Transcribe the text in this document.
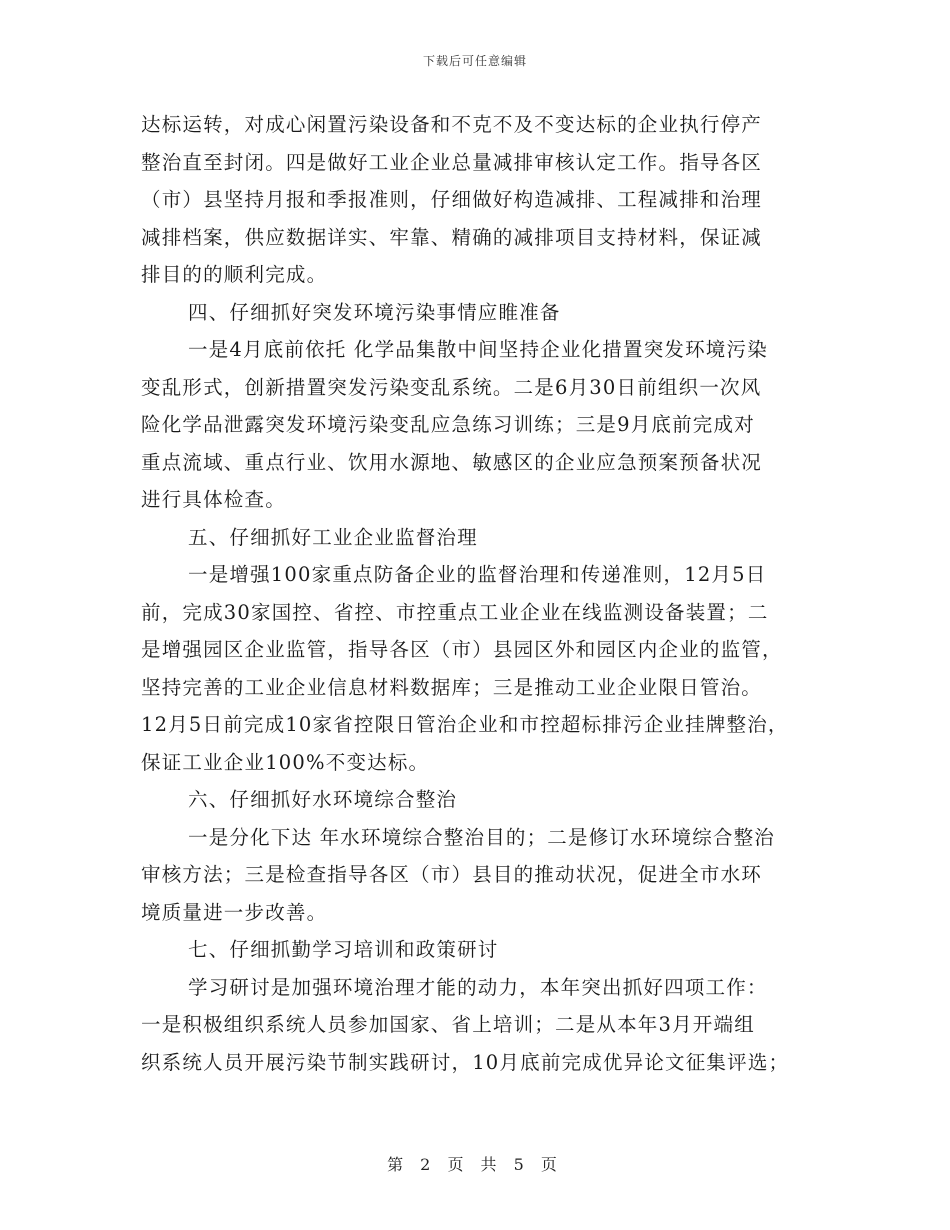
下载后可任意编辑
达标运转，对成心闲置污染设备和不克不及不变达标的企业执行停产
整治直至封闭。四是做好工业企业总量减排审核认定工作。指导各区
（市）县坚持月报和季报准则，仔细做好构造减排、工程减排和治理
减排档案，供应数据详实、牢靠、精确的减排项目支持材料，保证减
排目的的顺利完成。
四、仔细抓好突发环境污染事情应睢准备
一是4月底前依托 化学品集散中间坚持企业化措置突发环境污染
变乱形式，创新措置突发污染变乱系统。二是6月30日前组织一次风
险化学品泄露突发环境污染变乱应急练习训练；三是9月底前完成对
重点流域、重点行业、饮用水源地、敏感区的企业应急预案预备状况
进行具体检查。
五、仔细抓好工业企业监督治理
一是增强100家重点防备企业的监督治理和传递准则，12月5日
前，完成30家国控、省控、市控重点工业企业在线监测设备装置；二
是增强园区企业监管，指导各区（市）县园区外和园区内企业的监管，
坚持完善的工业企业信息材料数据库；三是推动工业企业限日管治。
12月5日前完成10家省控限日管治企业和市控超标排污企业挂牌整治，
保证工业企业100%不变达标。
六、仔细抓好水环境综合整治
一是分化下达 年水环境综合整治目的；二是修订水环境综合整治
审核方法；三是检查指导各区（市）县目的推动状况，促进全市水环
境质量进一步改善。
七、仔细抓勤学习培训和政策研讨
学习研讨是加强环境治理才能的动力，本年突出抓好四项工作：
一是积极组织系统人员参加国家、省上培训；二是从本年3月开端组
织系统人员开展污染节制实践研讨，10月底前完成优异论文征集评选；
第 2 页 共 5 页
